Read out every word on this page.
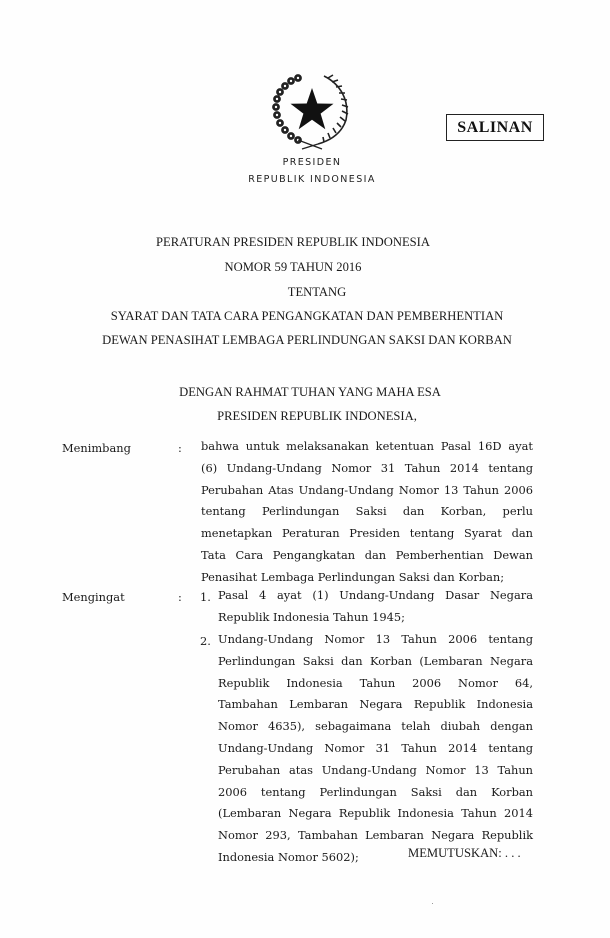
SALINAN
PRESIDEN
REPUBLIK INDONESIA
PERATURAN PRESIDEN REPUBLIK INDONESIA
NOMOR 59 TAHUN 2016
TENTANG
SYARAT DAN TATA CARA PENGANGKATAN DAN PEMBERHENTIAN
DEWAN PENASIHAT LEMBAGA PERLINDUNGAN SAKSI DAN KORBAN
DENGAN RAHMAT TUHAN YANG MAHA ESA
PRESIDEN REPUBLIK INDONESIA,
Menimbang	: bahwa untuk melaksanakan ketentuan Pasal 16D ayat
(6) Undang-Undang Nomor 31 Tahun 2014 tentang
Perubahan Atas Undang-Undang Nomor 13 Tahun 2006
tentang Perlindungan Saksi dan Korban, perlu
menetapkan Peraturan Presiden tentang Syarat dan
Tata Cara Pengangkatan dan Pemberhentian Dewan
Penasihat Lembaga Perlindungan Saksi dan Korban;
Mengingat	: 1. Pasal 4 ayat (1) Undang-Undang Dasar Negara
Republik Indonesia Tahun 1945;
2. Undang-Undang Nomor 13 Tahun 2006 tentang
Perlindungan Saksi dan Korban (Lembaran Negara
Republik Indonesia Tahun 2006 Nomor 64,
Tambahan Lembaran Negara Republik Indonesia
Nomor 4635), sebagaimana telah diubah dengan
Undang-Undang Nomor 31 Tahun 2014 tentang
Perubahan atas Undang-Undang Nomor 13 Tahun
2006 tentang Perlindungan Saksi dan Korban
(Lembaran Negara Republik Indonesia Tahun 2014
Nomor 293, Tambahan Lembaran Negara Republik
Indonesia Nomor 5602);	MEMUTUSKAN: . . .
